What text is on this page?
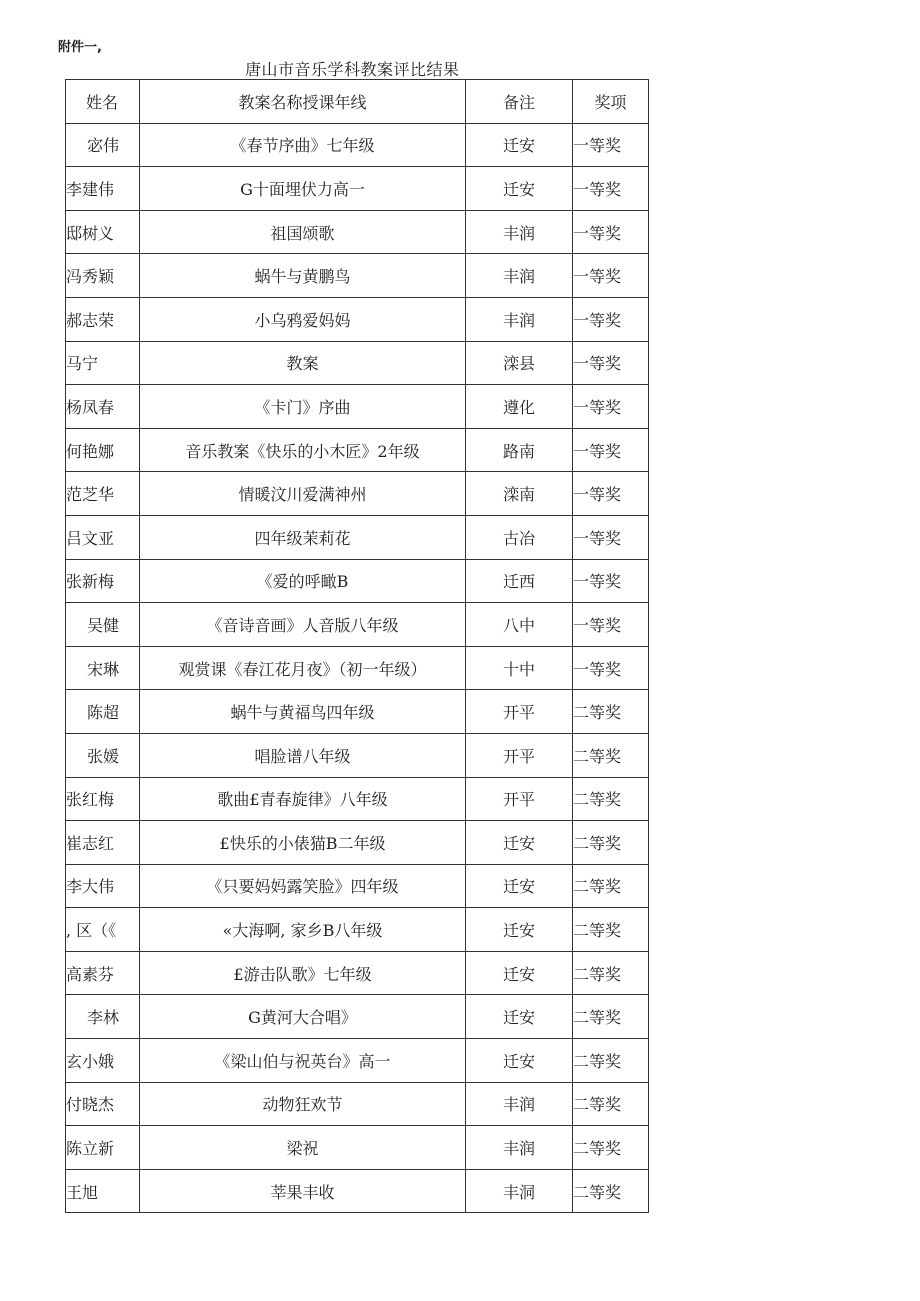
附件一,
唐山市音乐学科教案评比结果
姓名	教案名称授课年线	备注	奖项
宓伟	《春节序曲》七年级	迁安	一等奖
李建伟	G十面埋伏力高一	迁安	一等奖
邸树义	祖国颂歌	丰润	一等奖
冯秀颖	蜗牛与黄鹏鸟	丰润	一等奖
郝志荣	小乌鸦爱妈妈	丰润	一等奖
马宁	教案	滦县	一等奖
杨凤春	《卡门》序曲	遵化	一等奖
何艳娜	音乐教案《快乐的小木匠》2年级	路南	一等奖
范芝华	情暖汶川爱满神州	滦南	一等奖
吕文亚	四年级茉莉花	古冶	一等奖
张新梅	《爱的呼瞰B	迁西	一等奖
吴健	《音诗音画》人音版八年级	八中	一等奖
宋琳	观赏课《春江花月夜》（初一年级）	十中	一等奖
陈超	蜗牛与黄福鸟四年级	开平	二等奖
张媛	唱脸谱八年级	开平	二等奖
张红梅	歌曲£青春旋律》八年级	开平	二等奖
崔志红	£快乐的小俵猫B二年级	迁安	二等奖
李大伟	《只要妈妈露笑脸》四年级	迁安	二等奖
, 区（《	«大海啊, 家乡B八年级	迁安	二等奖
高素芬	£游击队歌》七年级	迁安	二等奖
李林	G黄河大合唱》	迁安	二等奖
玄小娥	《梁山伯与祝英台》高一	迁安	二等奖
付晓杰	动物狂欢节	丰润	二等奖
陈立新	梁祝	丰润	二等奖
王旭	莘果丰收	丰洞	二等奖
